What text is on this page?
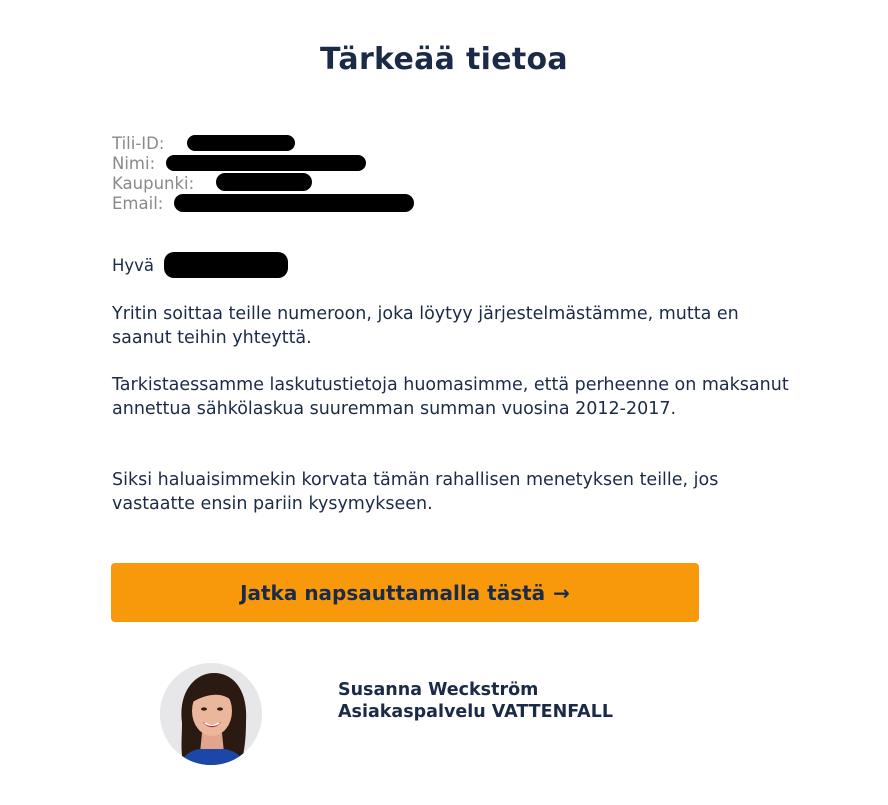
Tärkeää tietoa
Tili-ID:
Nimi:
Kaupunki:
Email:
Hyvä

Yritin soittaa teille numeroon, joka löytyy järjestelmästämme, mutta en saanut teihin yhteyttä.

Tarkistaessamme laskutustietoja huomasimme, että perheenne on maksanut annettua sähkölaskua suuremman summan vuosina 2012-2017.

Siksi haluaisimmekin korvata tämän rahallisen menetyksen teille, jos vastaatte ensin pariin kysymykseen.

Jatka napsauttamalla tästä →
Susanna Weckström
Asiakaspalvelu VATTENFALL
